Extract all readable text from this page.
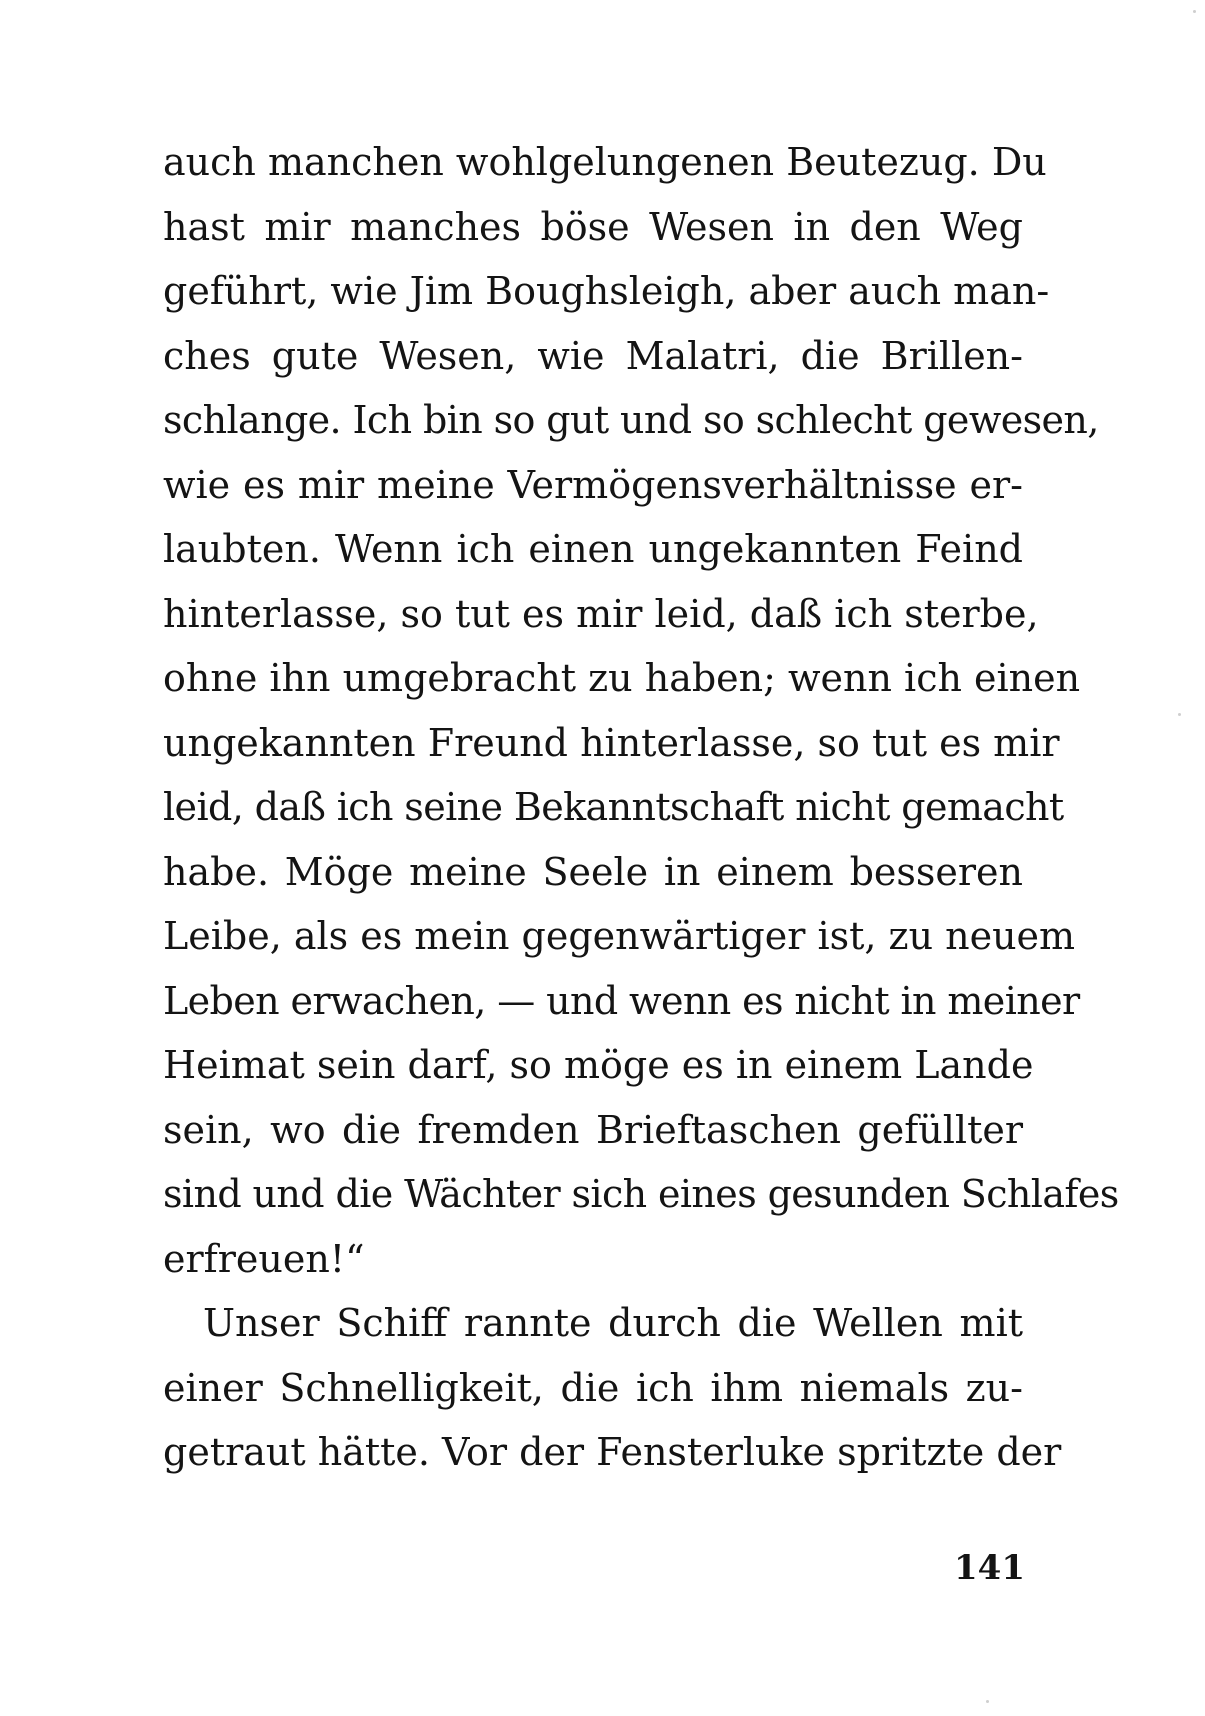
auch manchen wohlgelungenen Beutezug. Du
hast mir manches böse Wesen in den Weg
geführt, wie Jim Boughsleigh, aber auch man-
ches gute Wesen, wie Malatri, die Brillen-
schlange. Ich bin so gut und so schlecht gewesen,
wie es mir meine Vermögensverhältnisse er-
laubten. Wenn ich einen ungekannten Feind
hinterlasse, so tut es mir leid, daß ich sterbe,
ohne ihn umgebracht zu haben; wenn ich einen
ungekannten Freund hinterlasse, so tut es mir
leid, daß ich seine Bekanntschaft nicht gemacht
habe. Möge meine Seele in einem besseren
Leibe, als es mein gegenwärtiger ist, zu neuem
Leben erwachen, — und wenn es nicht in meiner
Heimat sein darf, so möge es in einem Lande
sein, wo die fremden Brieftaschen gefüllter
sind und die Wächter sich eines gesunden Schlafes
erfreuen!“
Unser Schiff rannte durch die Wellen mit
einer Schnelligkeit, die ich ihm niemals zu-
getraut hätte. Vor der Fensterluke spritzte der
141
